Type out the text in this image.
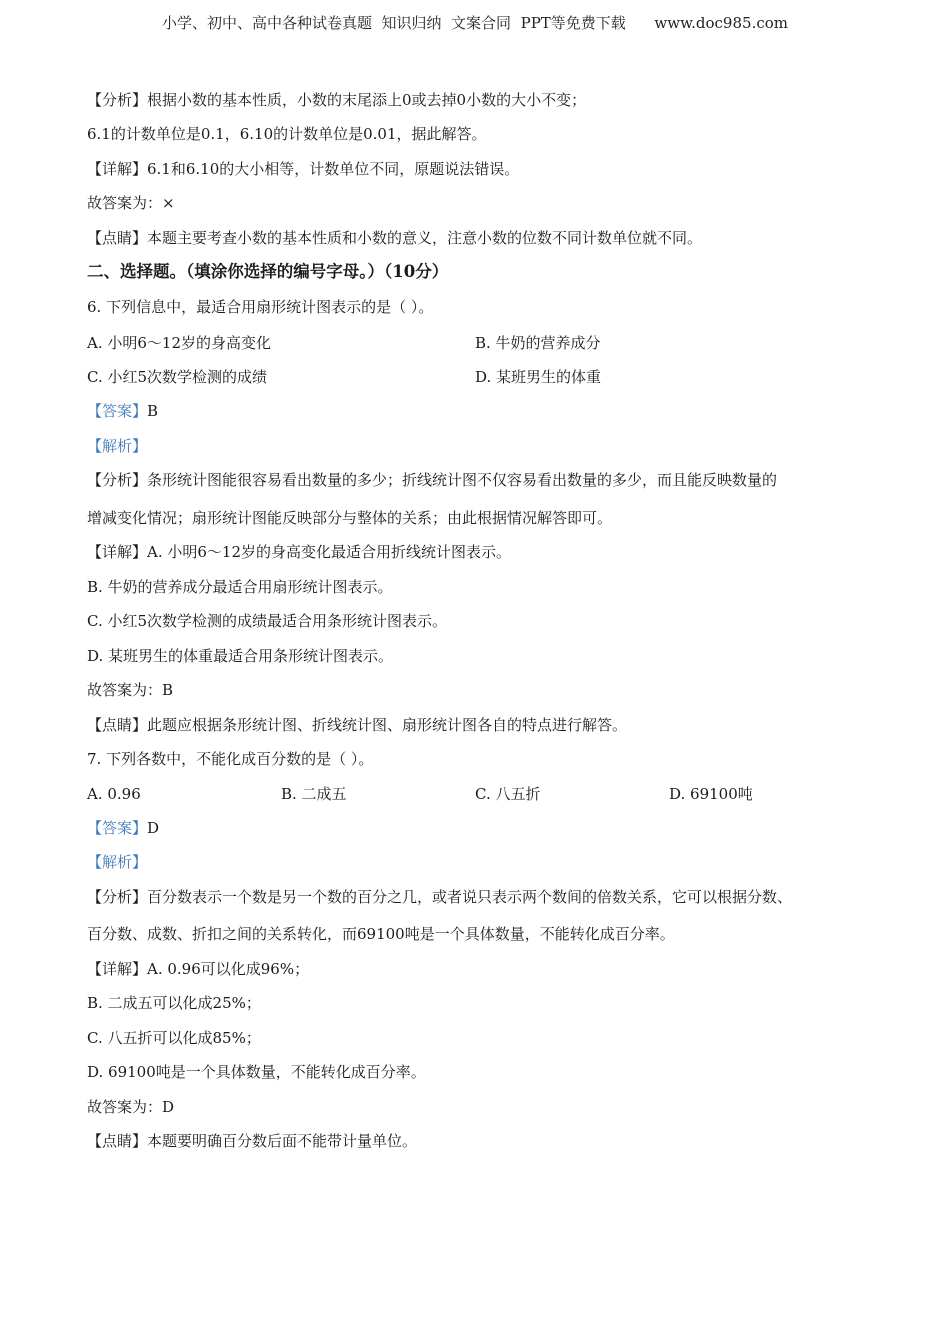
小学、初中、高中各种试卷真题  知识归纳  文案合同  PPT等免费下载      www.doc985.com
【分析】根据小数的基本性质，小数的末尾添上0或去掉0小数的大小不变；
6.1的计数单位是0.1，6.10的计数单位是0.01，据此解答。
【详解】6.1和6.10的大小相等，计数单位不同，原题说法错误。
故答案为：×
【点睛】本题主要考查小数的基本性质和小数的意义，注意小数的位数不同计数单位就不同。
二、选择题。（填涂你选择的编号字母。）（10分）
6. 下列信息中，最适合用扇形统计图表示的是（ ）。
A. 小明6～12岁的身高变化	B. 牛奶的营养成分
C. 小红5次数学检测的成绩	D. 某班男生的体重
【答案】B
【解析】
【分析】条形统计图能很容易看出数量的多少；折线统计图不仅容易看出数量的多少，而且能反映数量的
增减变化情况；扇形统计图能反映部分与整体的关系；由此根据情况解答即可。
【详解】A. 小明6～12岁的身高变化最适合用折线统计图表示。
B. 牛奶的营养成分最适合用扇形统计图表示。
C. 小红5次数学检测的成绩最适合用条形统计图表示。
D. 某班男生的体重最适合用条形统计图表示。
故答案为：B
【点睛】此题应根据条形统计图、折线统计图、扇形统计图各自的特点进行解答。
7. 下列各数中，不能化成百分数的是（ ）。
A. 0.96	B. 二成五	C. 八五折	D. 69100吨
【答案】D
【解析】
【分析】百分数表示一个数是另一个数的百分之几，或者说只表示两个数间的倍数关系，它可以根据分数、
百分数、成数、折扣之间的关系转化，而69100吨是一个具体数量，不能转化成百分率。
【详解】A. 0.96可以化成96%；
B. 二成五可以化成25%；
C. 八五折可以化成85%；
D. 69100吨是一个具体数量，不能转化成百分率。
故答案为：D
【点睛】本题要明确百分数后面不能带计量单位。
